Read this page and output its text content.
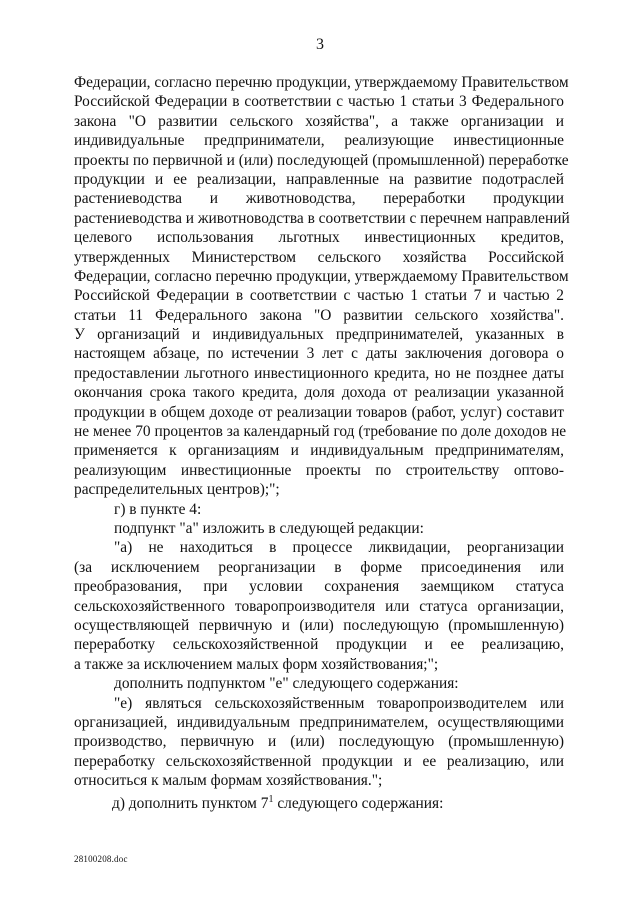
3
Федерации, согласно перечню продукции, утверждаемому Правительством
Российской Федерации в соответствии с частью 1 статьи 3 Федерального
закона "О развитии сельского хозяйства", а также организации и
индивидуальные предприниматели, реализующие инвестиционные
проекты по первичной и (или) последующей (промышленной) переработке
продукции и ее реализации, направленные на развитие подотраслей
растениеводства и животноводства, переработки продукции
растениеводства и животноводства в соответствии с перечнем направлений
целевого использования льготных инвестиционных кредитов,
утвержденных Министерством сельского хозяйства Российской
Федерации, согласно перечню продукции, утверждаемому Правительством
Российской Федерации в соответствии с частью 1 статьи 7 и частью 2
статьи 11 Федерального закона "О развитии сельского хозяйства".
У организаций и индивидуальных предпринимателей, указанных в
настоящем абзаце, по истечении 3 лет с даты заключения договора о
предоставлении льготного инвестиционного кредита, но не позднее даты
окончания срока такого кредита, доля дохода от реализации указанной
продукции в общем доходе от реализации товаров (работ, услуг) составит
не менее 70 процентов за календарный год (требование по доле доходов не
применяется к организациям и индивидуальным предпринимателям,
реализующим инвестиционные проекты по строительству оптово-
распределительных центров);";
г) в пункте 4:
подпункт "а" изложить в следующей редакции:
"а) не находиться в процессе ликвидации, реорганизации
(за исключением реорганизации в форме присоединения или
преобразования, при условии сохранения заемщиком статуса
сельскохозяйственного товаропроизводителя или статуса организации,
осуществляющей первичную и (или) последующую (промышленную)
переработку сельскохозяйственной продукции и ее реализацию,
а также за исключением малых форм хозяйствования;";
дополнить подпунктом "е" следующего содержания:
"е) являться сельскохозяйственным товаропроизводителем или
организацией, индивидуальным предпринимателем, осуществляющими
производство, первичную и (или) последующую (промышленную)
переработку сельскохозяйственной продукции и ее реализацию, или
относиться к малым формам хозяйствования.";
д) дополнить пунктом $7^1$ следующего содержания:
28100208.doc
